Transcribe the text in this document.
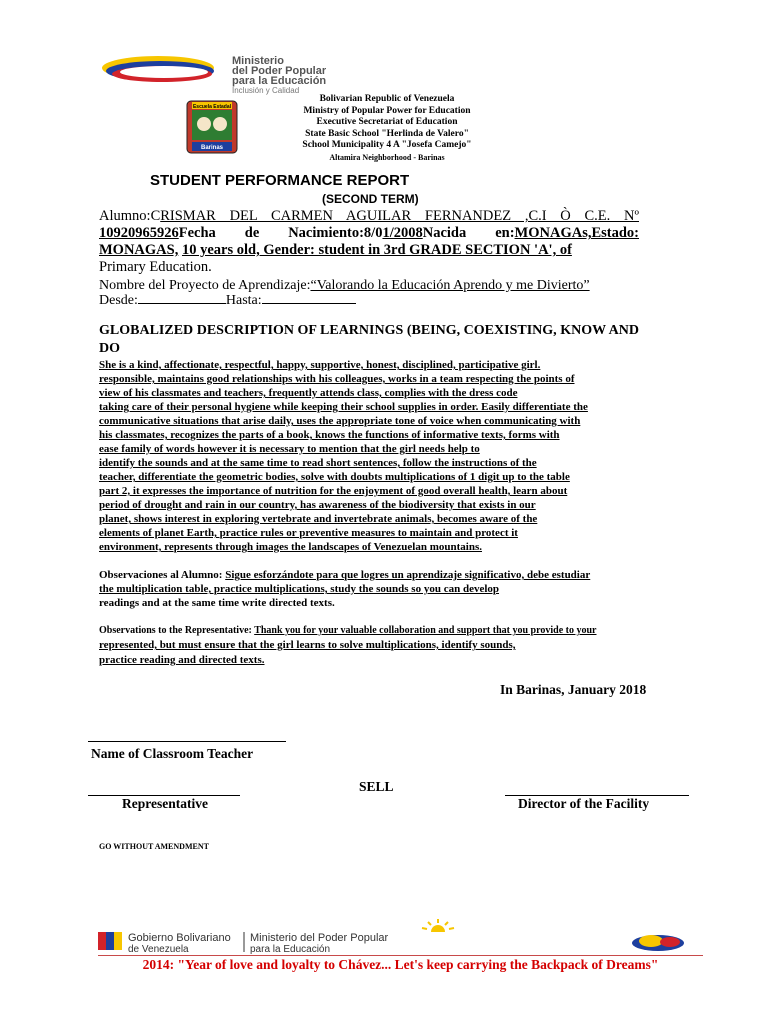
Ministerio
del Poder Popular
para la Educación
Inclusión y Calidad
Escuela Estadal
Barinas
Bolivarian Republic of Venezuela
Ministry of Popular Power for Education
Executive Secretariat of Education
State Basic School "Herlinda de Valero"
School Municipality 4 A "Josefa Camejo"
Altamira Neighborhood - Barinas
STUDENT PERFORMANCE REPORT
(SECOND TERM)
Alumno:CRISMAR DEL CARMEN AGUILAR FERNANDEZ ,C.I Ò C.E. Nº 10920965926Fecha de Nacimiento:8/01/2008Nacida en:MONAGAs,Estado: MONAGAS, 10 years old, Gender: student in 3rd GRADE SECTION 'A', of
Primary Education.
Nombre del Proyecto de Aprendizaje:“Valorando la Educación Aprendo y me Divierto”
Desde:	Hasta:
GLOBALIZED DESCRIPTION OF LEARNINGS (BEING, COEXISTING, KNOW AND DO
She is a kind, affectionate, respectful, happy, supportive, honest, disciplined, participative girl.
responsible, maintains good relationships with his colleagues, works in a team respecting the points of
view of his classmates and teachers, frequently attends class, complies with the dress code
taking care of their personal hygiene while keeping their school supplies in order. Easily differentiate the
communicative situations that arise daily, uses the appropriate tone of voice when communicating with
his classmates, recognizes the parts of a book, knows the functions of informative texts, forms with
ease family of words however it is necessary to mention that the girl needs help to
identify the sounds and at the same time to read short sentences, follow the instructions of the
teacher, differentiate the geometric bodies, solve with doubts multiplications of 1 digit up to the table
part 2, it expresses the importance of nutrition for the enjoyment of good overall health, learn about
period of drought and rain in our country, has awareness of the biodiversity that exists in our
planet, shows interest in exploring vertebrate and invertebrate animals, becomes aware of the
elements of planet Earth, practice rules or preventive measures to maintain and protect it
environment, represents through images the landscapes of Venezuelan mountains.
Observaciones al Alumno: Sigue esforzándote para que logres un aprendizaje significativo, debe estudiar
the multiplication table, practice multiplications, study the sounds so you can develop
readings and at the same time write directed texts.
Observations to the Representative: Thank you for your valuable collaboration and support that you provide to your
represented, but must ensure that the girl learns to solve multiplications, identify sounds,
practice reading and directed texts.
In Barinas, January 2018
Name of Classroom Teacher
SELL
Representative	Director of the Facility
GO WITHOUT AMENDMENT
Gobierno Bolivariano
de Venezuela
Ministerio del Poder Popular
para la Educación
2014: "Year of love and loyalty to Chávez... Let's keep carrying the Backpack of Dreams"
